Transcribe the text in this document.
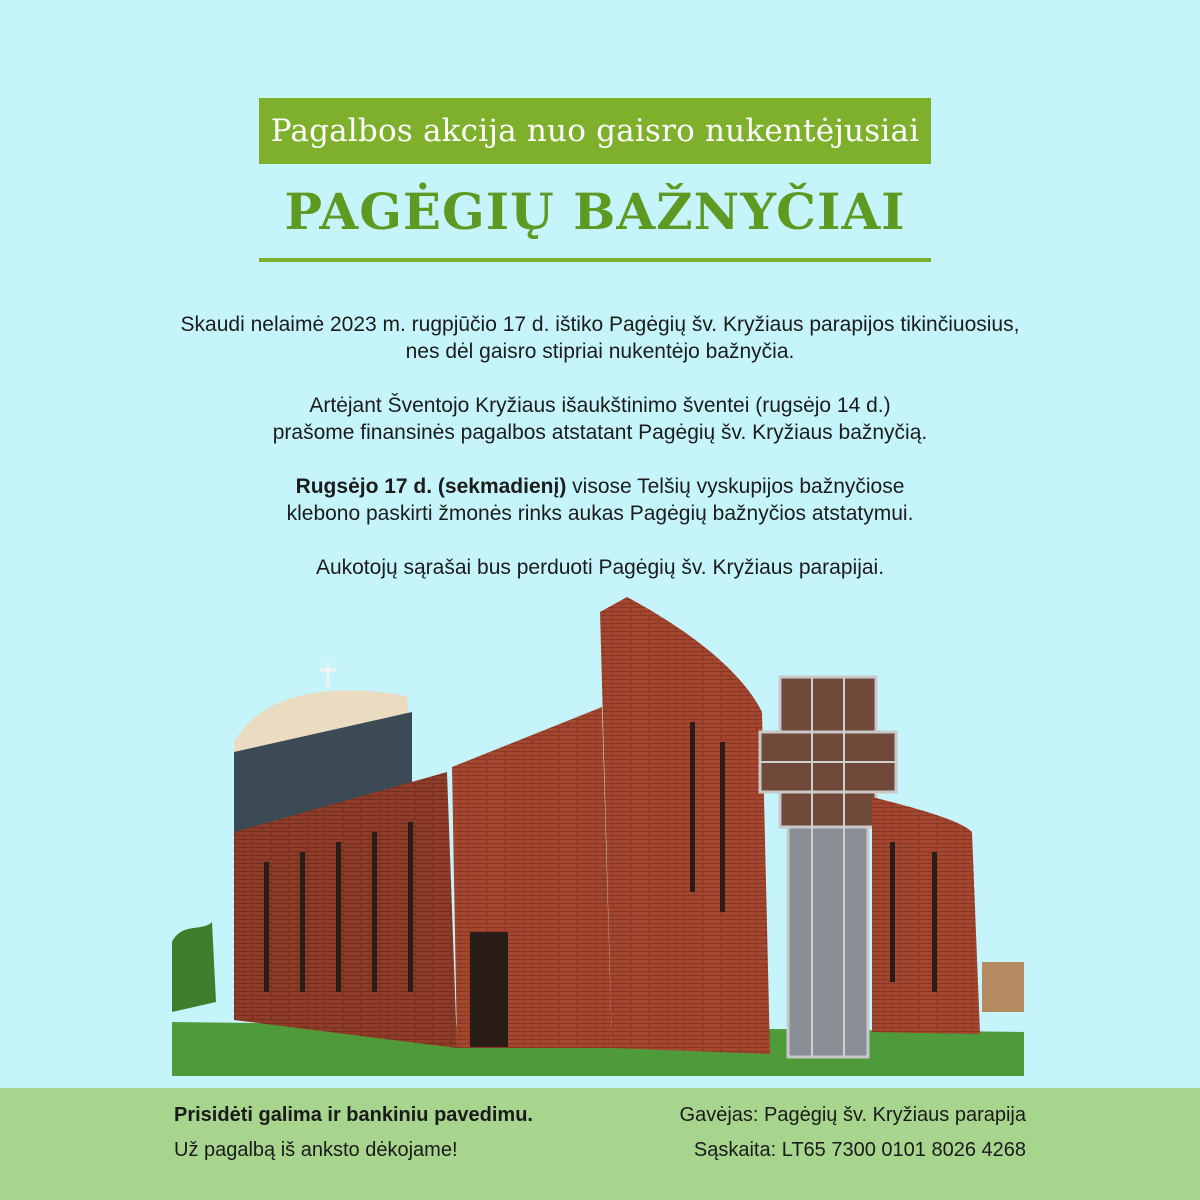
Pagalbos akcija nuo gaisro nukentėjusiai
PAGĖGIŲ BAŽNYČIAI

Skaudi nelaimė 2023 m. rugpjūčio 17 d. ištiko Pagėgių šv. Kryžiaus parapijos tikinčiuosius,
nes dėl gaisro stipriai nukentėjo bažnyčia.

Artėjant Šventojo Kryžiaus išaukštinimo šventei (rugsėjo 14 d.)
prašome finansinės pagalbos atstatant Pagėgių šv. Kryžiaus bažnyčią.

Rugsėjo 17 d. (sekmadienį) visose Telšių vyskupijos bažnyčiose
klebono paskirti žmonės rinks aukas Pagėgių bažnyčios atstatymui.

Aukotojų sąrašai bus perduoti Pagėgių šv. Kryžiaus parapijai.

Prisidėti galima ir bankiniu pavedimu.	Gavėjas: Pagėgių šv. Kryžiaus parapija
Už pagalbą iš anksto dėkojame!	Sąskaita: LT65 7300 0101 8026 4268
